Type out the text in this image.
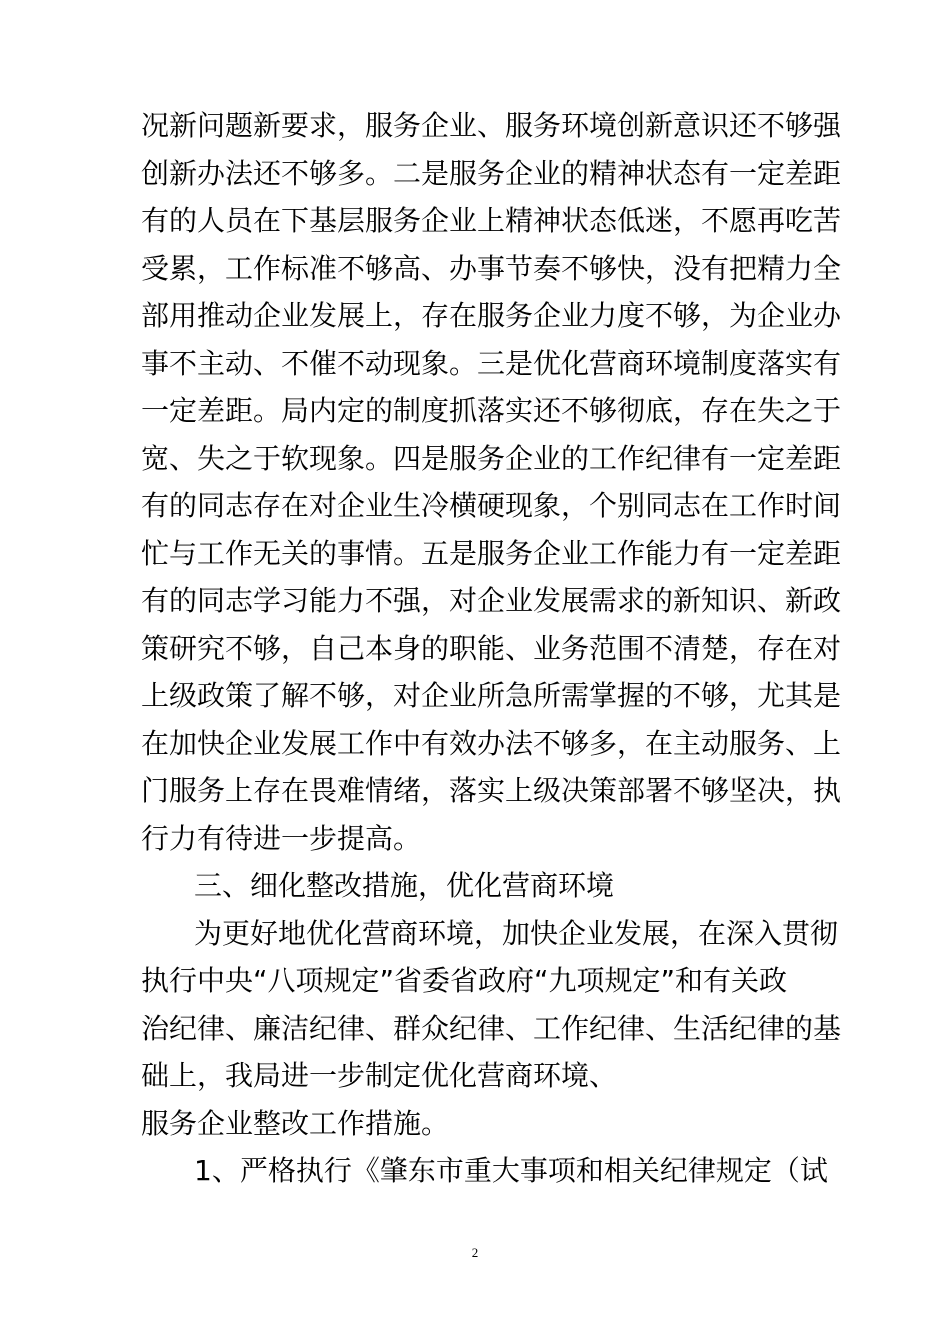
况新问题新要求，服务企业、服务环境创新意识还不够强
创新办法还不够多。二是服务企业的精神状态有一定差距
有的人员在下基层服务企业上精神状态低迷，不愿再吃苦
受累，工作标准不够高、办事节奏不够快，没有把精力全
部用推动企业发展上，存在服务企业力度不够，为企业办
事不主动、不催不动现象。三是优化营商环境制度落实有
一定差距。局内定的制度抓落实还不够彻底，存在失之于
宽、失之于软现象。四是服务企业的工作纪律有一定差距
有的同志存在对企业生冷横硬现象，个别同志在工作时间
忙与工作无关的事情。五是服务企业工作能力有一定差距
有的同志学习能力不强，对企业发展需求的新知识、新政
策研究不够，自己本身的职能、业务范围不清楚，存在对
上级政策了解不够，对企业所急所需掌握的不够，尤其是
在加快企业发展工作中有效办法不够多，在主动服务、上
门服务上存在畏难情绪，落实上级决策部署不够坚决，执
行力有待进一步提高。
三、细化整改措施，优化营商环境
为更好地优化营商环境，加快企业发展，在深入贯彻
执行中央“八项规定”省委省政府“九项规定”和有关政
治纪律、廉洁纪律、群众纪律、工作纪律、生活纪律的基
础上，我局进一步制定优化营商环境、
服务企业整改工作措施。
1、严格执行《肇东市重大事项和相关纪律规定（试
2
